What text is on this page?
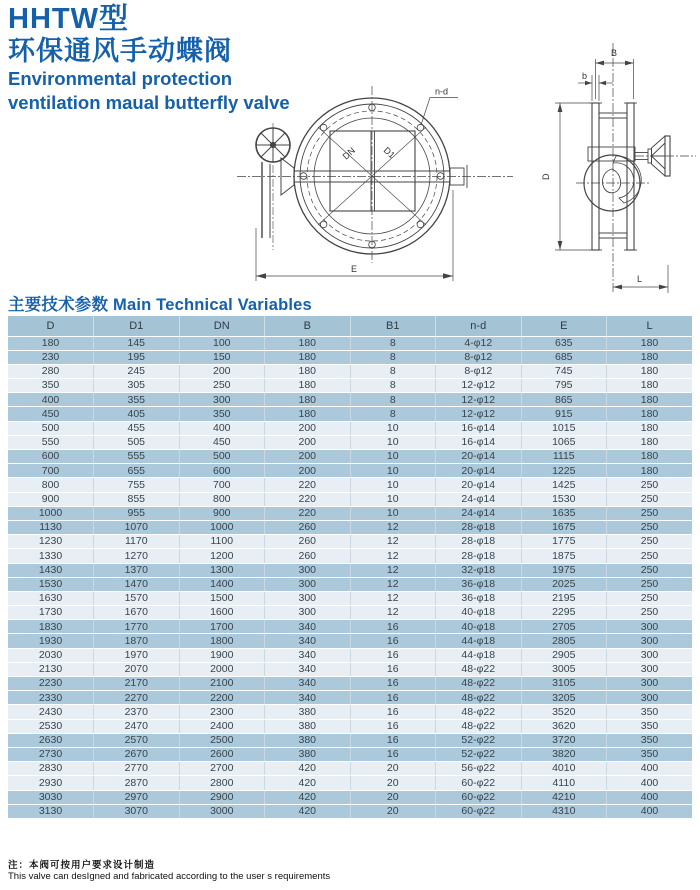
HHTW型
环保通风手动蝶阀
Environmental protection
ventilation maual butterfly valve	n-d
DN	D1
E
B
b
D
L
主要技术参数 Main Technical Variables
D	D1	DN	B	B1	n-d	E	L
180	145	100	180	8	4-φ12	635	180
230	195	150	180	8	8-φ12	685	180
280	245	200	180	8	8-φ12	745	180
350	305	250	180	8	12-φ12	795	180
400	355	300	180	8	12-φ12	865	180
450	405	350	180	8	12-φ12	915	180
500	455	400	200	10	16-φ14	1015	180
550	505	450	200	10	16-φ14	1065	180
600	555	500	200	10	20-φ14	1115	180
700	655	600	200	10	20-φ14	1225	180
800	755	700	220	10	20-φ14	1425	250
900	855	800	220	10	24-φ14	1530	250
1000	955	900	220	10	24-φ14	1635	250
1130	1070	1000	260	12	28-φ18	1675	250
1230	1170	1100	260	12	28-φ18	1775	250
1330	1270	1200	260	12	28-φ18	1875	250
1430	1370	1300	300	12	32-φ18	1975	250
1530	1470	1400	300	12	36-φ18	2025	250
1630	1570	1500	300	12	36-φ18	2195	250
1730	1670	1600	300	12	40-φ18	2295	250
1830	1770	1700	340	16	40-φ18	2705	300
1930	1870	1800	340	16	44-φ18	2805	300
2030	1970	1900	340	16	44-φ18	2905	300
2130	2070	2000	340	16	48-φ22	3005	300
2230	2170	2100	340	16	48-φ22	3105	300
2330	2270	2200	340	16	48-φ22	3205	300
2430	2370	2300	380	16	48-φ22	3520	350
2530	2470	2400	380	16	48-φ22	3620	350
2630	2570	2500	380	16	52-φ22	3720	350
2730	2670	2600	380	16	52-φ22	3820	350
2830	2770	2700	420	20	56-φ22	4010	400
2930	2870	2800	420	20	60-φ22	4110	400
3030	2970	2900	420	20	60-φ22	4210	400
3130	3070	3000	420	20	60-φ22	4310	400
注：本阀可按用户要求设计制造
This valve can desIgned and fabricated according to the user s requirements
